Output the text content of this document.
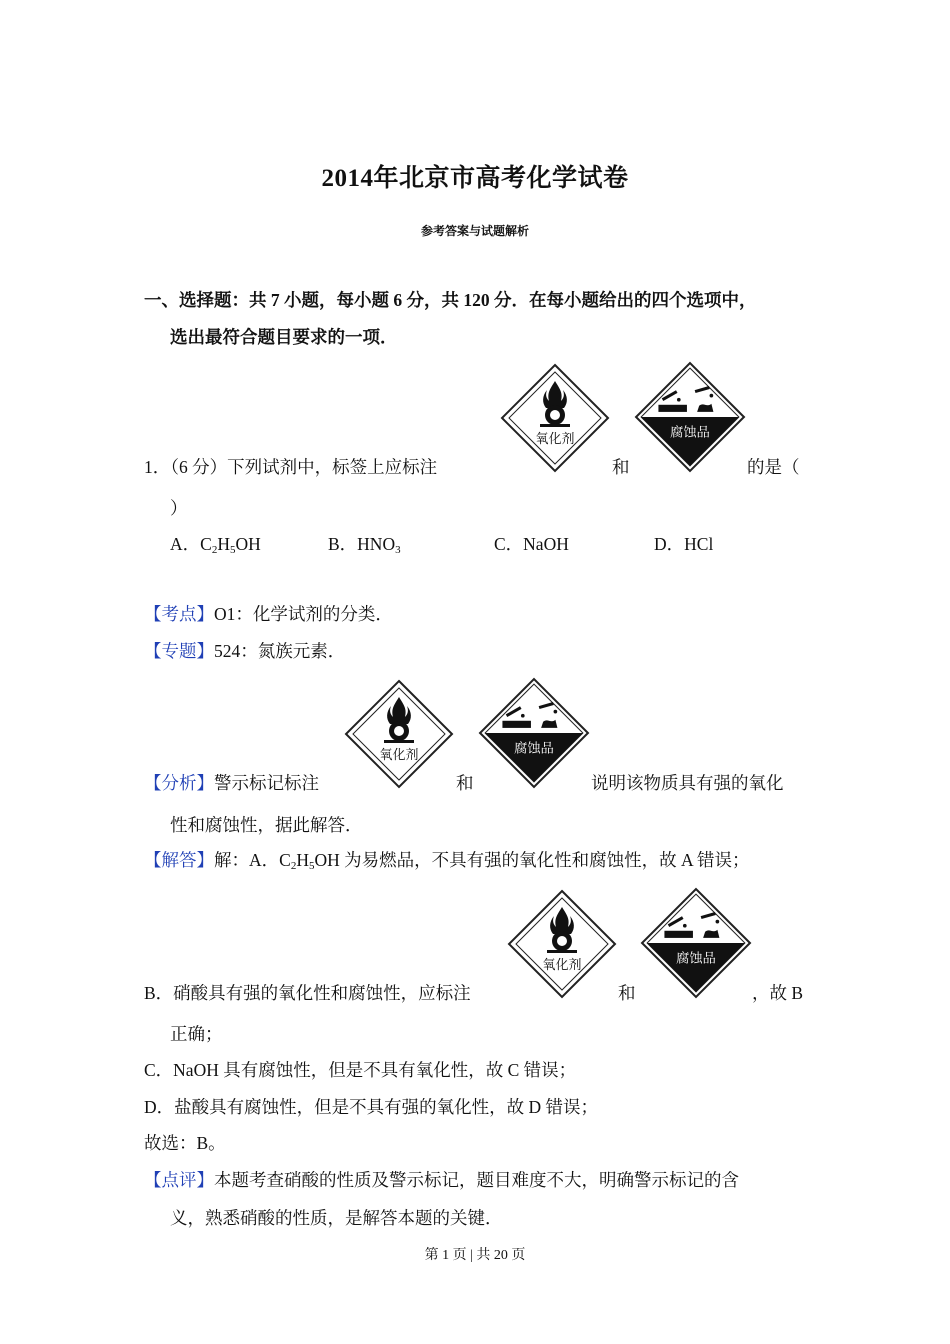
2014年北京市高考化学试卷
参考答案与试题解析
一、选择题：共 7 小题，每小题 6 分，共 120 分．在每小题给出的四个选项中，
选出最符合题目要求的一项．
氧化剂	腐蚀品
1．（6 分）下列试剂中，标签上应标注	和	的是（
）
A．$C_2H_5OH$	B．$HNO_3$	C．NaOH	D．HCl
【考点】O1：化学试剂的分类．
【专题】524：氮族元素．
氧化剂	腐蚀品
【分析】警示标记标注	和	说明该物质具有强的氧化
性和腐蚀性，据此解答．
【解答】解：A．$C_2H_5OH$ 为易燃品，不具有强的氧化性和腐蚀性，故 A 错误；
氧化剂	腐蚀品
B．硝酸具有强的氧化性和腐蚀性，应标注	和	，故 B
正确；
C．NaOH 具有腐蚀性，但是不具有氧化性，故 C 错误；
D．盐酸具有腐蚀性，但是不具有强的氧化性，故 D 错误；
故选：B。
【点评】本题考查硝酸的性质及警示标记，题目难度不大，明确警示标记的含
义，熟悉硝酸的性质，是解答本题的关键．
第 1 页 | 共 20 页
